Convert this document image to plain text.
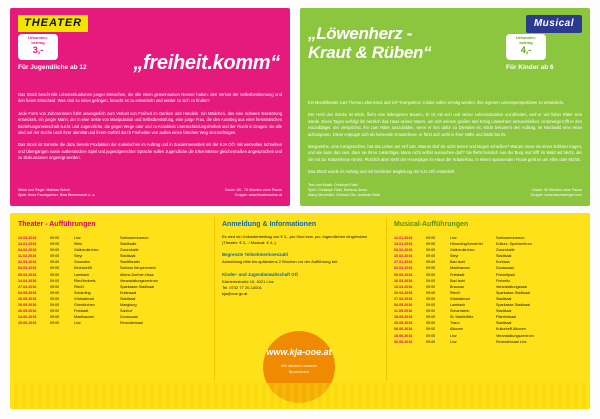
THEATER
Urkunden-
beitrag
3,-
Für Jugendliche ab 12 „freiheit.komm“

Das Stück beschreibt Lebenssituationen junger Menschen, die alle einen gemeinsamen Nenner haben: den Verlust der Selbstbestimmung und den freien Entscheid. Was sind so einen gelingen, braucht es zu entwickeln und wieder zu sich zu finden?

Jede Form von Zuhörerinnen führt unweigerlich zum Verlust von Freiheit im Denken und Handeln. Ein Mädchen, das eine schwere Essstörung entwickelt, ein junger Mann, der in eine Sekte von Manipulation und Selbstbestrafung, eine junge Frau, die den Ausstieg aus einer feministischen Beziehungsmeinschaft sucht: und Jugendliche, die gegen Wege oder und zu Krankheit Unentscheidungsfreiheit und der Flucht in Drogen: sie alle sind auf der Suche nach ihrer Identität und ihrem Gefühl durch Freiheiten von außen einen falschen Weg einzuschlagen.

Das Stück ist Sammle die dazu bereits Produktion der malerischen im Auftrag und in Zusammenarbeit mit der KJA OÖ. Mit wertvollen Schreiben und Übergängen sowie authentischen Spiel und jugendgerechter Sprache sollen Jugendliche die Erkenntnisse gleichermaßen angesprochen und zu Diskussionen angeregt werden.

Stück und Regie: Mathias Schuh	Dauer: 80 - 70 Minuten ohne Pause
Spiel: Anna Paumgartner, Bina Blumenoroh u. a.	Gruppe: www.theaterachse.at
Musical
Urkunden-
beitrag
4,-
Für Kinder ab 6
„Löwenherz -
Kraut & Rüben“

Ein Musiktheater zum Thema Lebensmut und Ich*-Kompetenz: Kinder sollen ernstig werden, ihre eigenen Lebensperspektiven zu entwickeln.

Der Held des Stücks ist Micht, flieht eine leibeigenen Bauern, Er ist mit sich und seiner Lebenssituation unzufrieden, weil er viel lieber Ritter sein würde. Eines Tages verfolgt ihn herzlich das Haus seines Vaters, um sich seinem großen Idol König Löwenherz anzuschließen. Unterwegs trifft er den Hounddäger, der versprichst, ihn zum Ritter auszubilden, wenn er ihm dafür zu Diensten ist, Micht bekommt den Auftrag, im Nordwald eine Hexe aufzuspüren. Diese entpuppt sich als liebevolle Kräuterhexe, er führt sich wohl in ihrer Nähe und bleibt bei ihr.

Margarethe, eine Königstochter, hat das Leben am Hof satt. Warum darf sie nicht lernen und Bogen schießen? Warum muss sie einen Schleier tragen, und wie kann das sein, dass sie ihren zukünftigen Mann nicht selbst aussuchen darf? Sie flieht heimlich aus der Burg und trifft im Wald auf Micht, der sie mit zur Kräuterhexe nimmt. Plötzlich aber steht der Hexenjäger im Haus der Kräuterhau. In einem spannenden Finale geht es um Alles oder Nichts.

Das Stück wurde im Auftrag und mit fachlicher Begleitung der KJA OÖ entwickelt.

Text und Musik: Christoph Rabl
Spiel: Christoph Rabl, Marlena Jenko	Dauer: 90 Minuten ohne Pause
Stacy Neumüller, Gerhard Ötz, Andreas Seidl	Gruppe: www.traumtaenger.com
Theater - Aufführungen
13.03.2016	09:00	Linz	Schlosermuseum
14.01.2016	09:00	Wels	Stadthalle
04.02.2016	09:00	Gallneukirchen	Gusenhalle
11.02.2016	09:00	Steyr	Stadtsaal
22.03.2016	09:00	Gmunden	Stadttheater
03.03.2016	09:00	Kirchdorf/K.	Schloss Neupernstein
05.04.2016	09:00	Lambach	Alfons-Dorfner-Haus
14.04.2016	09:00	Ried/Innkreis	Veranstaltungszentrum
27.04.2016	09:00	Ried/I.	Sparkasse-Stadtsaal
04.05.2016	09:00	Schärding	Kubinsaal
10.05.2016	09:00	Vöcklabruck	Stadtsaal
19.05.2016	09:00	Grieskirchen	Mangburg
26.05.2016	09:00	Freistadt	Salzhof
14.06.2016	09:00	Mauthausen	Donausaal
29.06.2016	09:00	Linz	Redoutensaal
Musical-Aufführungen
12.01.2016	09:00	Linz	Schlosermuseum
13.01.2016	09:00	Hörsching/Innviertel	Kulturz. Sportzentrum
03.02.2016	09:00	Gallneukirchen	Gusenhalle
10.02.2016	09:00	Steyr	Stadtsaal
27.01.2016	09:00	Bad Ischl	Kurhaus
02.03.2016	09:00	Mauthausen	Donausaal
09.03.2016	09:00	Freistadt	Freizeitpark
16.03.2016	09:00	Bad Ischl	Freizeitz.
13.04.2016	09:00	Braunau	Veranstaltungssaal
20.04.2016	09:00	Ried/I.	Sparkasse-Stadtsaal
27.04.2016	09:00	Vöcklabruck	Stadtsaal
04.05.2016	09:00	Lambach	Sparkasse-Stadtsaal
11.05.2016	09:00	Scharnstein	Stadtsaal
18.05.2016	09:00	St. Martin/Mkr.	Pfarrhofsaal
25.05.2016	09:00	Traun	Stadtsaal
08.06.2016	09:00	Alkoven	Kulturtreff Alkoven
15.06.2016	09:00	Linz	Veranstaltungszentrum
30.06.2016	09:00	Linz	Redoutensaal Linz
Anmeldung & Informationen

Es wird ein Unkostenbeitrag von € 3,- pro Kind bzw. pro Jugendlichen eingehoben (Theater: € 3,- / Musical: € 4,-).

Begrenzte Teilnehmerinnenzahl

Anmeldung bitte bis spätestens 2 Wochen vor der Aufführung bei:

Kinder- und Jugendanwaltschaft OÖ

Kärntnerstraße 10, 4021 Linz
Tel. 0732 77 20-14001
kja@ooe.gv.at

www.kja-ooe.at
Wir danken unseren Sponsoren!
